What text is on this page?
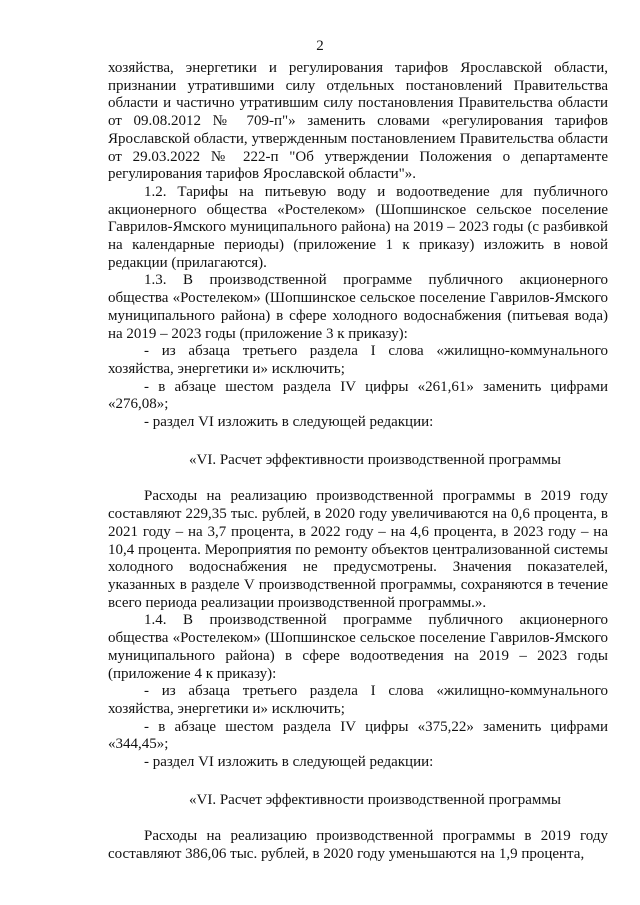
2

хозяйства, энергетики и регулирования тарифов Ярославской области, признании утратившими силу отдельных постановлений Правительства области и частично утратившим силу постановления Правительства области от 09.08.2012 № 709-п"» заменить словами «регулирования тарифов Ярославской области, утвержденным постановлением Правительства области от 29.03.2022 № 222-п "Об утверждении Положения о департаменте регулирования тарифов Ярославской области"».

1.2. Тарифы на питьевую воду и водоотведение для публичного акционерного общества «Ростелеком» (Шопшинское сельское поселение Гаврилов-Ямского муниципального района) на 2019 – 2023 годы (с разбивкой на календарные периоды) (приложение 1 к приказу) изложить в новой редакции (прилагаются).

1.3. В производственной программе публичного акционерного общества «Ростелеком» (Шопшинское сельское поселение Гаврилов-Ямского муниципального района) в сфере холодного водоснабжения (питьевая вода) на 2019 – 2023 годы (приложение 3 к приказу):

- из абзаца третьего раздела I слова «жилищно-коммунального хозяйства, энергетики и» исключить;

- в абзаце шестом раздела IV цифры «261,61» заменить цифрами «276,08»;

- раздел VI изложить в следующей редакции:

«VI. Расчет эффективности производственной программы

Расходы на реализацию производственной программы в 2019 году составляют 229,35 тыс. рублей, в 2020 году увеличиваются на 0,6 процента, в 2021 году – на 3,7 процента, в 2022 году – на 4,6 процента, в 2023 году – на 10,4 процента. Мероприятия по ремонту объектов централизованной системы холодного водоснабжения не предусмотрены. Значения показателей, указанных в разделе V производственной программы, сохраняются в течение всего периода реализации производственной программы.».

1.4. В производственной программе публичного акционерного общества «Ростелеком» (Шопшинское сельское поселение Гаврилов-Ямского муниципального района) в сфере водоотведения на 2019 – 2023 годы (приложение 4 к приказу):

- из абзаца третьего раздела I слова «жилищно-коммунального хозяйства, энергетики и» исключить;

- в абзаце шестом раздела IV цифры «375,22» заменить цифрами «344,45»;

- раздел VI изложить в следующей редакции:

«VI. Расчет эффективности производственной программы

Расходы на реализацию производственной программы в 2019 году составляют 386,06 тыс. рублей, в 2020 году уменьшаются на 1,9 процента,
